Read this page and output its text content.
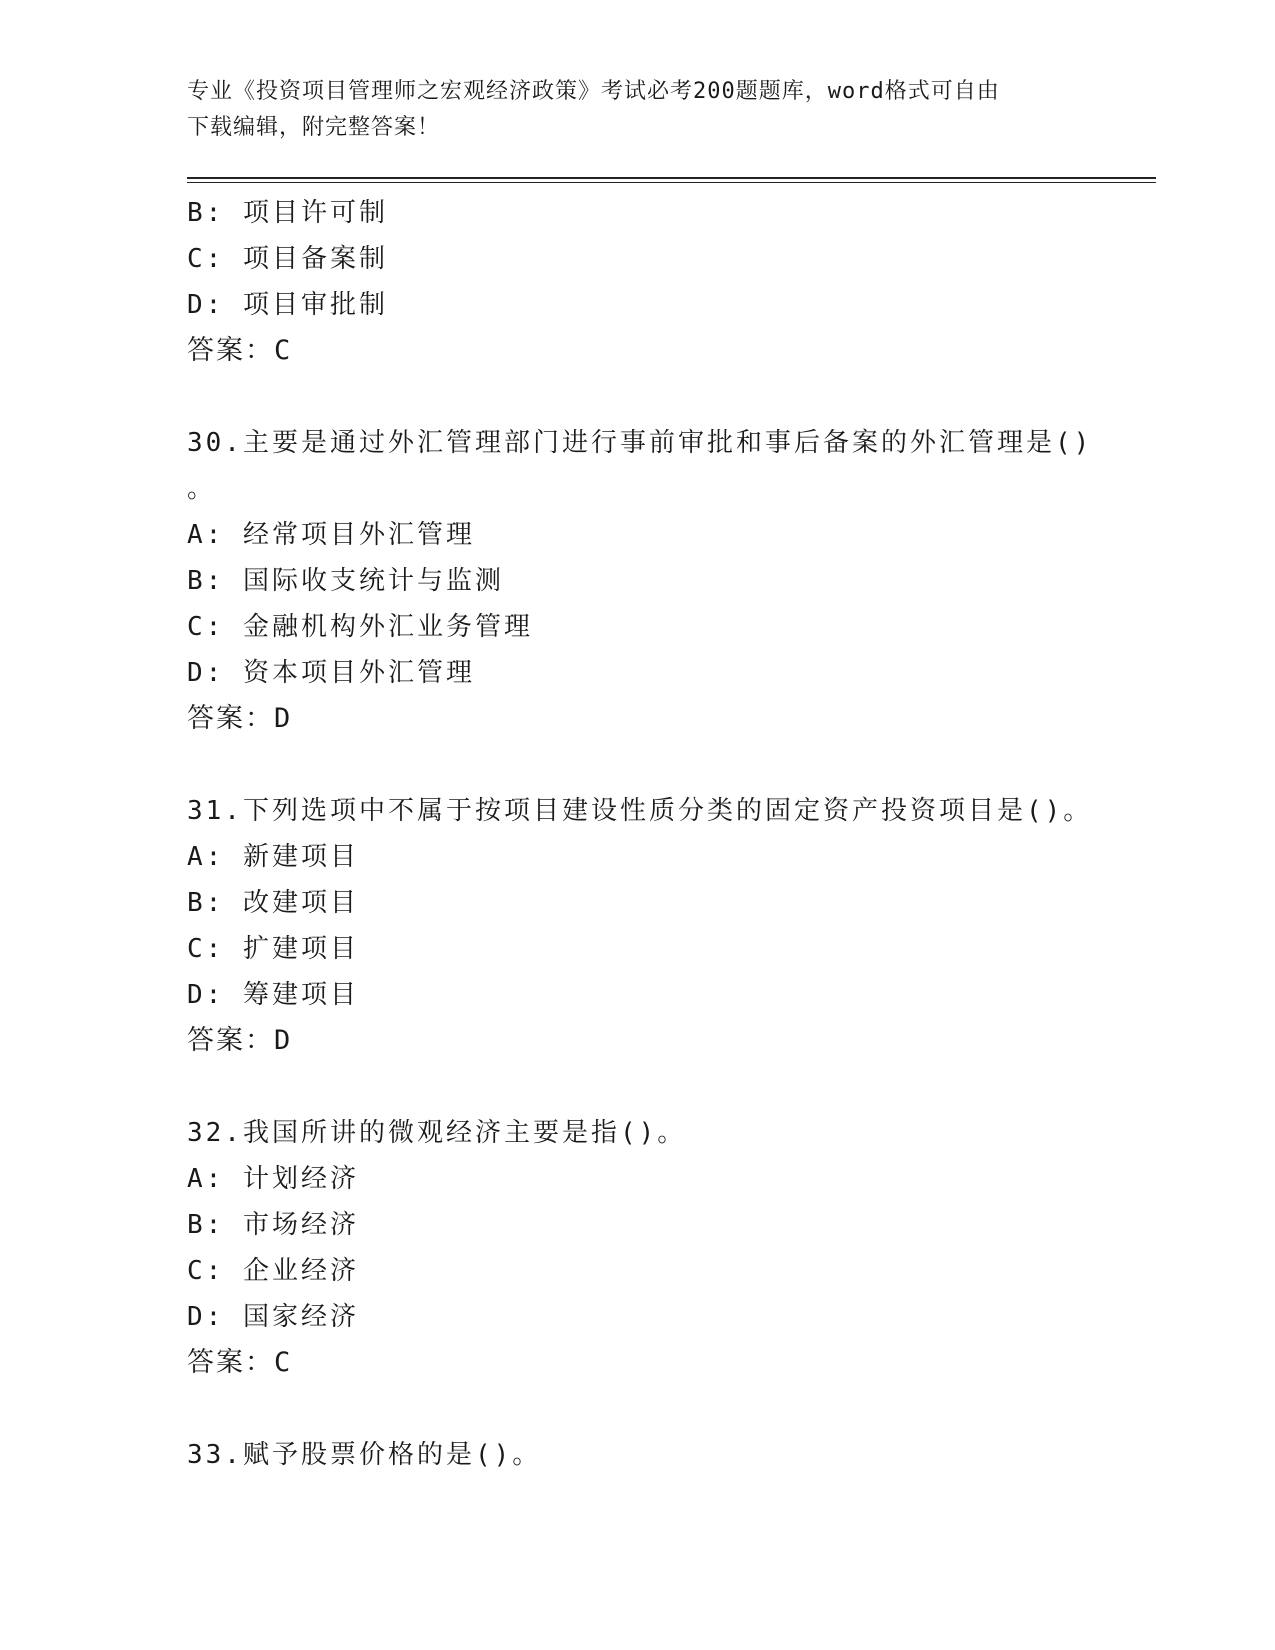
专业《投资项目管理师之宏观经济政策》考试必考200题题库，word格式可自由
下载编辑，附完整答案！
B: 项目许可制
C: 项目备案制
D: 项目审批制
答案：C
30.主要是通过外汇管理部门进行事前审批和事后备案的外汇管理是()
。
A: 经常项目外汇管理
B: 国际收支统计与监测
C: 金融机构外汇业务管理
D: 资本项目外汇管理
答案：D
31.下列选项中不属于按项目建设性质分类的固定资产投资项目是()。
A: 新建项目
B: 改建项目
C: 扩建项目
D: 筹建项目
答案：D
32.我国所讲的微观经济主要是指()。
A: 计划经济
B: 市场经济
C: 企业经济
D: 国家经济
答案：C
33.赋予股票价格的是()。
